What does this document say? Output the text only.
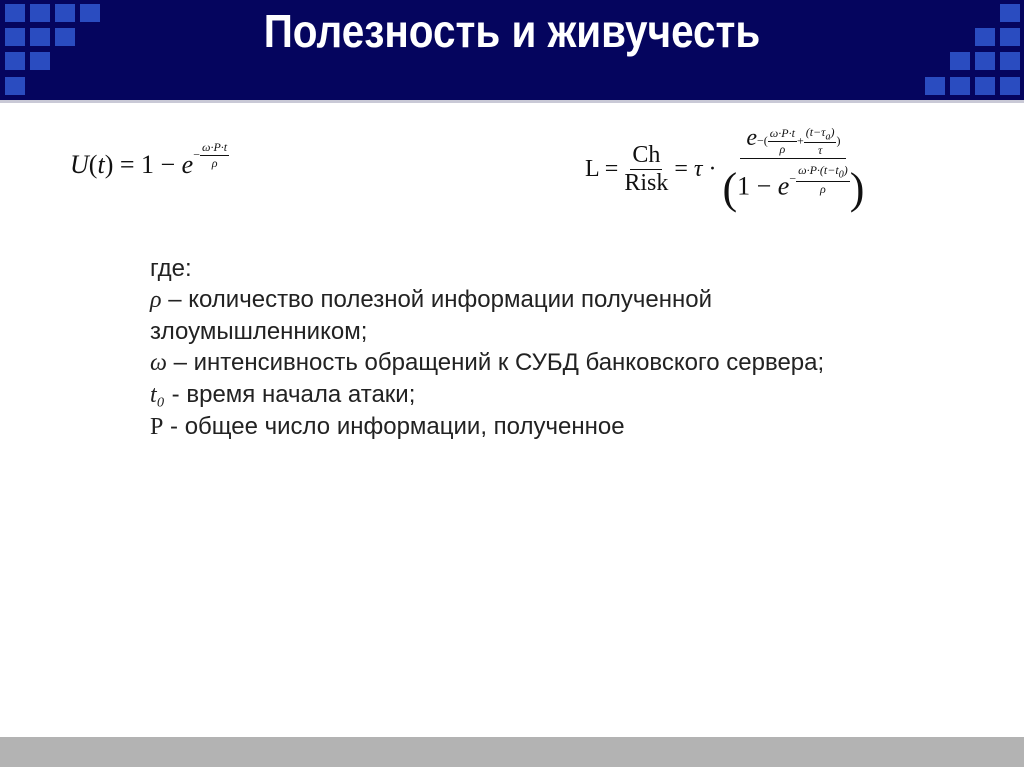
Полезность и живучесть
$U(t) = 1 - e- \frac{\omega\cdot P\cdot t}{\rho}$	$L = \frac{Ch}{\text{Risk}} = \tau \cdot \frac{e-( \frac{\omega\cdot P\cdot t}{\rho} + \frac{(t-\tau_a)}{\tau} )}{(1 - e- \frac{\omega\cdot P\cdot(t-t_0)}{\rho} )}$
где:
ρ – количество полезной информации полученной злоумышленником;
ω – интенсивность обращений к СУБД банковского сервера;
t₀ - время начала атаки;
P - общее число информации, полученное
